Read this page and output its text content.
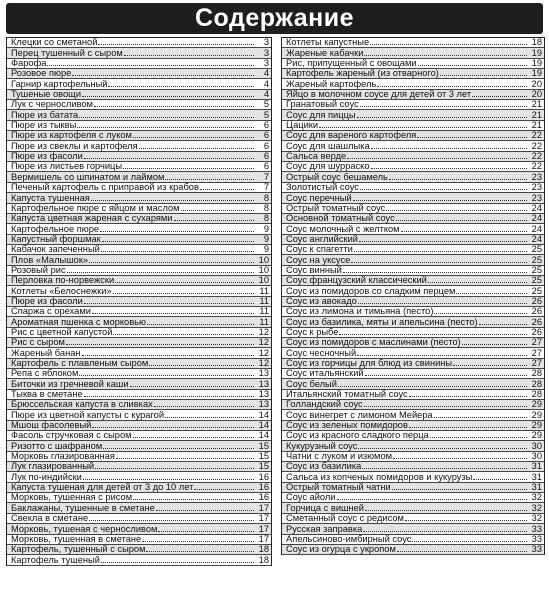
Содержание
Клецки со сметаной	3
Перец тушенный с сыром	3
Фарофа	3
Розовое пюре	4
Гарнир картофельный	4
Тушеные овощи	4
Лук с черносливом	5
Пюре из батата	5
Пюре из тыквы	6
Пюре из картофеля с луком	6
Пюре из свеклы и картофеля	6
Пюре из фасоли	6
Пюре из листьев горчицы	6
Вермишель со шпинатом и лаймом	7
Печеный картофель с приправой из крабов	7
Капуста тушенная	8
Картофельное пюре с яйцом и маслом	8
Капуста цветная жареная с сухарями	8
Картофельное пюре	9
Капустный форшмак	9
Кабачок запеченный	9
Плов «Малышок»	10
Розовый рис	10
Перловка по-норвежски	10
Котлеты «Белоснежки»	11
Пюре из фасоли	11
Спаржа с орехами	11
Ароматная пшенка с морковью	11
Рис с цветной капустой	12
Рис с сыром	12
Жареный банан	12
Картофель с плавленым сыром	12
Репа с яблоком	13
Биточки из гречневой каши	13
Тыква в сметане	13
Брюссельская капуста в сливках	13
Пюре из цветной капусты с курагой	14
Мшош фасолевый	14
Фасоль стручковая с сыром	14
Ризотто с шафраном	15
Морковь глазированная	15
Лук глазированный	15
Лук по-индийски	16
Капуста тушеная для детей от 3 до 10 лет	16
Морковь, тушенная с рисом	16
Баклажаны, тушенные в сметане	17
Свекла в сметане	17
Морковь, тушеная с черносливом	17
Морковь, тушенная в сметане	17
Картофель, тушенный с сыром	18
Картофель тушеный	18
Котлеты капустные	18
Жареные кабачки	19
Рис, припущенный с овощами	19
Картофель жареный (из отварного)	19
Жареный картофель	20
Яйцо в молочном соусе для детей от 3 лет	20
Гранатовый соус	21
Соус для пиццы	21
Цацики	21
Соус для вареного картофеля	22
Соус для шашлыка	22
Сальса верде	22
Соус для шурраско	22
Острый соус бешамель	23
Золотистый соус	23
Соус перечный	23
Острый томатный соус	24
Основной томатный соус	24
Соус молочный с желтком	24
Соус английский	24
Соус к спагетти	25
Соус на уксусе	25
Соус винный	25
Соус французский классический	25
Соус из помидоров со сладким перцем	25
Соус из авокадо	26
Соус из лимона и тимьяна (песто)	26
Соус из базилика, мяты и апельсина (песто)	26
Соус к рыбе	26
Соус из помидоров с маслинами (песто)	27
Соус чесночный	27
Соус из горчицы для блюд из свинины	27
Соус итальянский	28
Соус белый	28
Итальянский томатный соус	28
Голландский соус	29
Соус винегрет с лимоном Мейера	29
Соус из зеленых помидоров	29
Соус из красного сладкого перца	29
Кукурузный соус	30
Чатни с луком и изюмом	30
Соус из базилика	31
Сальса из копченых помидоров и кукурузы	31
Острый томатный чатни	31
Соус айоли	32
Горчица с вишней	32
Сметанный соус с редисом	32
Русская заправка	33
Апельсиново-имбирный соус	33
Соус из огурца с укропом	33
